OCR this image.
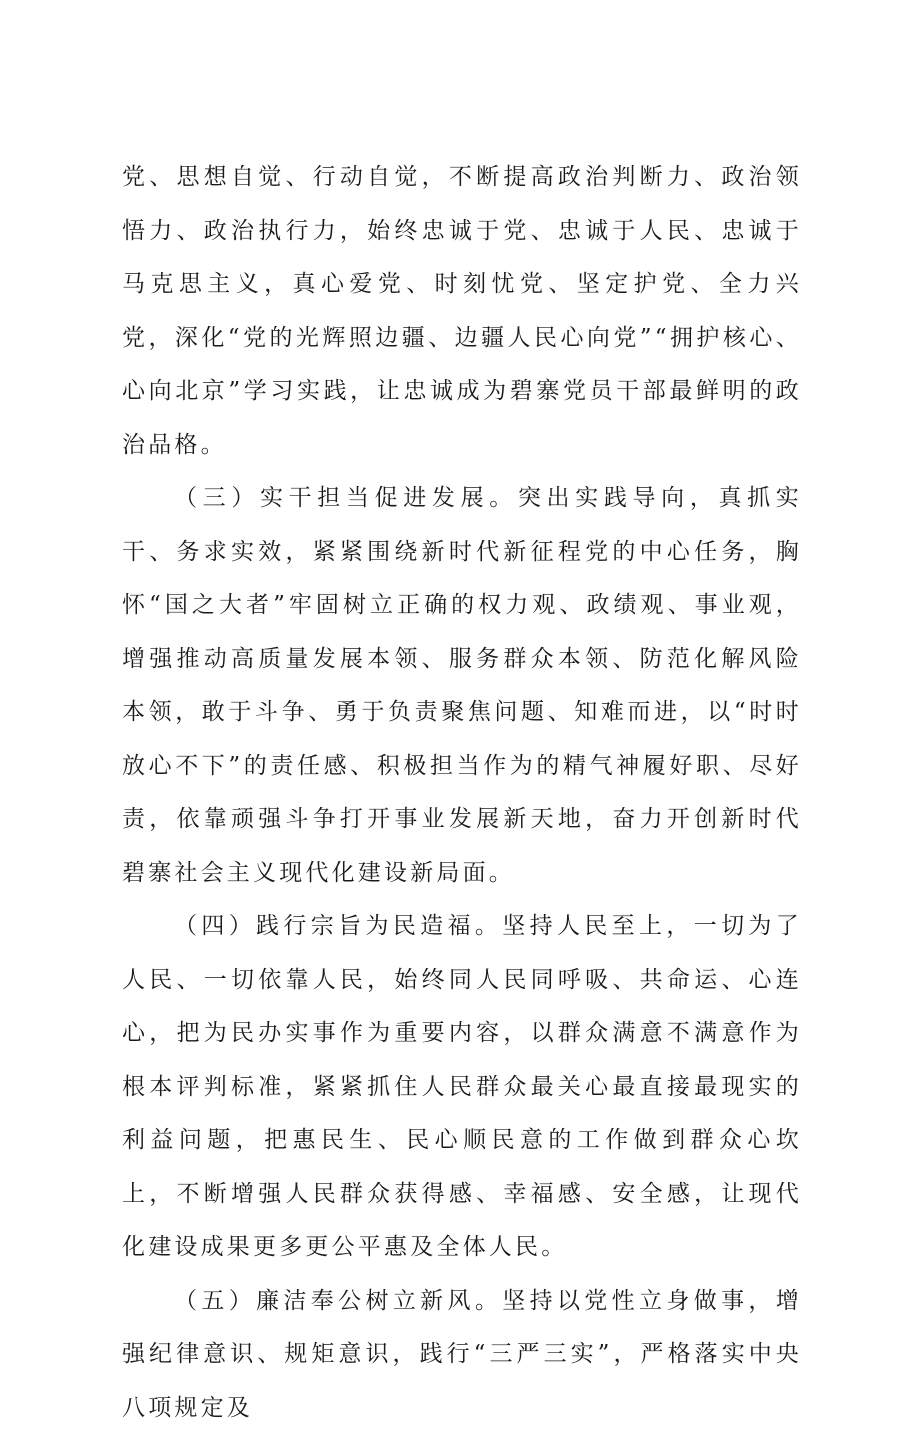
党、思想自觉、行动自觉，不断提高政治判断力、政治领悟力、政治执行力，始终忠诚于党、忠诚于人民、忠诚于马克思主义，真心爱党、时刻忧党、坚定护党、全力兴党，深化“党的光辉照边疆、边疆人民心向党”“拥护核心、心向北京”学习实践，让忠诚成为碧寨党员干部最鲜明的政治品格。

（三）实干担当促进发展。突出实践导向，真抓实干、务求实效，紧紧围绕新时代新征程党的中心任务，胸怀“国之大者”牢固树立正确的权力观、政绩观、事业观，增强推动高质量发展本领、服务群众本领、防范化解风险本领，敢于斗争、勇于负责聚焦问题、知难而进，以“时时放心不下”的责任感、积极担当作为的精气神履好职、尽好责，依靠顽强斗争打开事业发展新天地，奋力开创新时代碧寨社会主义现代化建设新局面。

（四）践行宗旨为民造福。坚持人民至上，一切为了人民、一切依靠人民，始终同人民同呼吸、共命运、心连心，把为民办实事作为重要内容，以群众满意不满意作为根本评判标准，紧紧抓住人民群众最关心最直接最现实的利益问题，把惠民生、民心顺民意的工作做到群众心坎上，不断增强人民群众获得感、幸福感、安全感，让现代化建设成果更多更公平惠及全体人民。

（五）廉洁奉公树立新风。坚持以党性立身做事，增强纪律意识、规矩意识，践行“三严三实”，严格落实中央八项规定及
